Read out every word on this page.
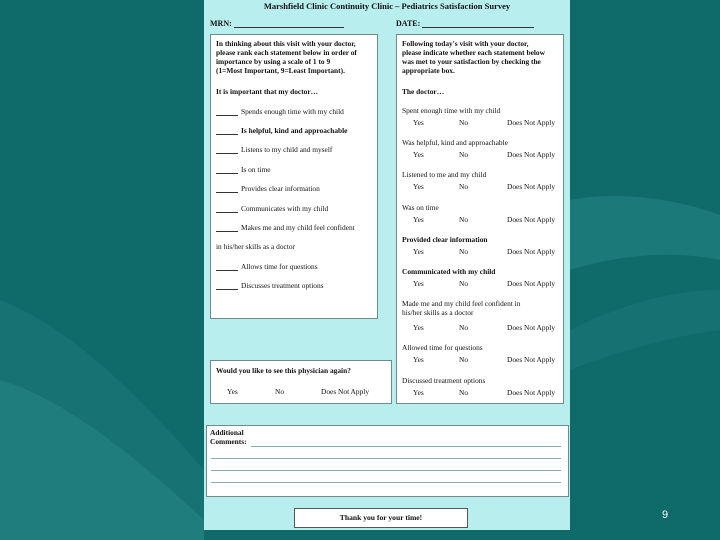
Marshfield Clinic Continuity Clinic – Pediatrics Satisfaction Survey
MRN:	DATE:
In thinking about this visit with your doctor,
please rank each statement below in order of
importance by using a scale of 1 to 9
(1=Most Important, 9=Least Important).
It is important that my doctor…
Spends enough time with my child
Is helpful, kind and approachable
Listens to my child and myself
Is on time
Provides clear information
Communicates with my child
Makes me and my child feel confident
in his/her skills as a doctor
Allows time for questions
Discusses treatment options
Would you like to see this physician again?
Yes	No	Does Not Apply
Following today's visit with your doctor,
please indicate whether each statement below
was met to your satisfaction by checking the
appropriate box.
The doctor…
Spent enough time with my child
Yes	No	Does Not Apply
Was helpful, kind and approachable
Yes	No	Does Not Apply
Listened to me and my child
Yes	No	Does Not Apply
Was on time
Yes	No	Does Not Apply
Provided clear information
Yes	No	Does Not Apply
Communicated with my child
Yes	No	Does Not Apply
Made me and my child feel confident in
his/her skills as a doctor
Yes	No	Does Not Apply
Allowed time for questions
Yes	No	Does Not Apply
Discussed treatment options
Yes	No	Does Not Apply
Additional
Comments:
Thank you for your time!	9
